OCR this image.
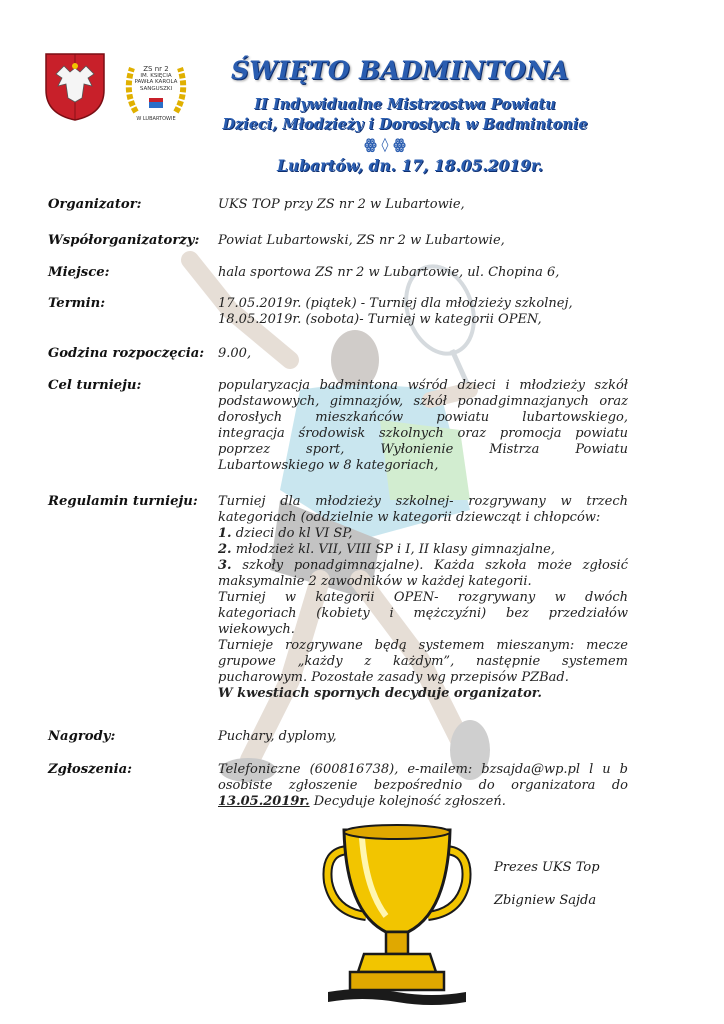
ZS nr 2
IM. KSIĘCIA
PAWŁA KAROLA
SANGUSZKI
W LUBARTOWIE
ŚWIĘTO BADMINTONA
II Indywidualne Mistrzostwa Powiatu
Dzieci, Młodzieży i Dorosłych w Badmintonie
ꙮ ◊ ꙮ
Lubartów, dn. 17, 18.05.2019r.
Organizator:	UKS TOP przy ZS nr 2 w Lubartowie,
Współorganizatorzy: Powiat Lubartowski, ZS nr 2 w Lubartowie,
Miejsce:	hala sportowa ZS nr 2 w Lubartowie, ul. Chopina 6,
Termin:	17.05.2019r. (piątek) - Turniej dla młodzieży szkolnej,

18.05.2019r. (sobota)- Turniej w kategorii OPEN,

Godzina rozpoczęcia: 9.00,
Cel turnieju:	popularyzacja badmintona wśród dzieci i młodzieży szkół

podstawowych, gimnazjów, szkół ponadgimnazjanych oraz

dorosłych mieszkańców powiatu lubartowskiego,

integracja środowisk szkolnych oraz promocja powiatu

poprzez sport, Wyłonienie Mistrza Powiatu

Lubartowskiego w 8 kategoriach,

Regulamin turnieju: Turniej dla młodzieży szkolnej- rozgrywany w trzech

kategoriach (oddzielnie w kategorii dziewcząt i chłopców:

1. dzieci do kl VI SP,

2. młodzież kl. VII, VIII SP i I, II klasy gimnazjalne,

3. szkoły ponadgimnazjalne). Każda szkoła może zgłosić

maksymalnie 2 zawodników w każdej kategorii.

Turniej w kategorii OPEN- rozgrywany w dwóch

kategoriach (kobiety i mężczyźni) bez przedziałów

wiekowych.

Turnieje rozgrywane będą systemem mieszanym: mecze

grupowe „każdy z każdym”, następnie systemem

pucharowym. Pozostałe zasady wg przepisów PZBad.

W kwestiach spornych decyduje organizator.

Nagrody:	Puchary, dyplomy,
Zgłoszenia:	Telefoniczne (600816738), e-mailem: bzsajda@wp.pl l u b

osobiste zgłoszenie bezpośrednio do organizatora do

13.05.2019r. Decyduje kolejność zgłoszeń.

Prezes UKS Top
Zbigniew Sajda
